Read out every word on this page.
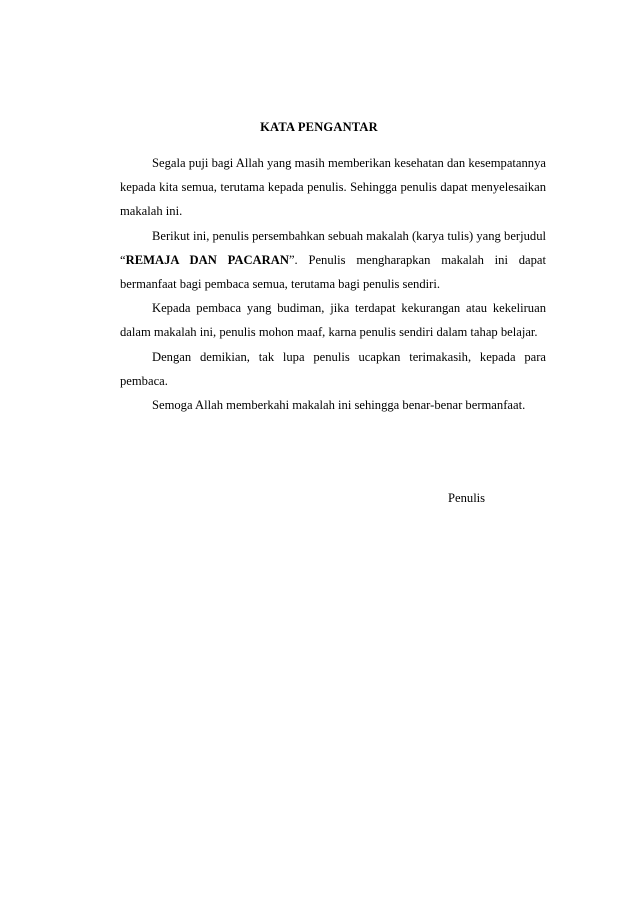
KATA PENGANTAR

Segala puji bagi Allah yang masih memberikan kesehatan dan kesempatannya kepada kita semua, terutama kepada penulis. Sehingga penulis dapat menyelesaikan makalah ini.

Berikut ini, penulis persembahkan sebuah makalah (karya tulis) yang berjudul “REMAJA DAN PACARAN”. Penulis mengharapkan makalah ini dapat bermanfaat bagi pembaca semua, terutama bagi penulis sendiri.

Kepada pembaca yang budiman, jika terdapat kekurangan atau kekeliruan dalam makalah ini, penulis mohon maaf, karna penulis sendiri dalam tahap belajar.

Dengan demikian, tak lupa penulis ucapkan terimakasih, kepada para pembaca.

Semoga Allah memberkahi makalah ini sehingga benar-benar bermanfaat.

Penulis
